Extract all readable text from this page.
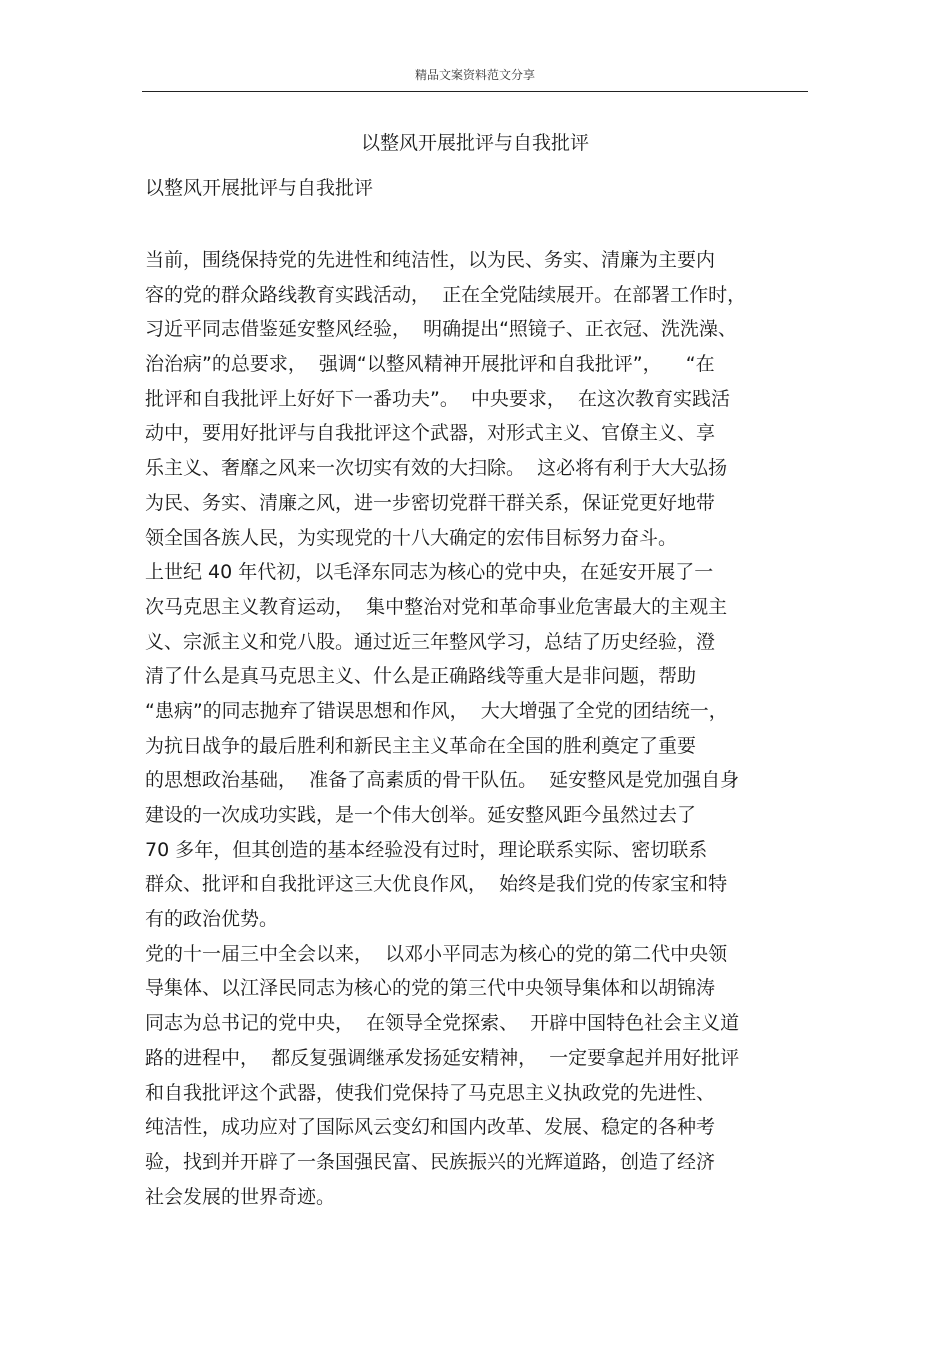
精品文案资料范文分享
以整风开展批评与自我批评
以整风开展批评与自我批评
当前，围绕保持党的先进性和纯洁性，以为民、务实、清廉为主要内
容的党的群众路线教育实践活动，  正在全党陆续展开。在部署工作时，
习近平同志借鉴延安整风经验，  明确提出“照镜子、正衣冠、洗洗澡、
治治病”的总要求，  强调“以整风精神开展批评和自我批评”，    “在
批评和自我批评上好好下一番功夫”。  中央要求，  在这次教育实践活
动中，要用好批评与自我批评这个武器，对形式主义、官僚主义、享
乐主义、奢靡之风来一次切实有效的大扫除。  这必将有利于大大弘扬
为民、务实、清廉之风，进一步密切党群干群关系，保证党更好地带
领全国各族人民，为实现党的十八大确定的宏伟目标努力奋斗。
上世纪 40 年代初，以毛泽东同志为核心的党中央，在延安开展了一
次马克思主义教育运动，  集中整治对党和革命事业危害最大的主观主
义、宗派主义和党八股。通过近三年整风学习，总结了历史经验，澄
清了什么是真马克思主义、什么是正确路线等重大是非问题，帮助
“患病”的同志抛弃了错误思想和作风，  大大增强了全党的团结统一，
为抗日战争的最后胜利和新民主主义革命在全国的胜利奠定了重要
的思想政治基础，  准备了高素质的骨干队伍。  延安整风是党加强自身
建设的一次成功实践，是一个伟大创举。延安整风距今虽然过去了
70 多年，但其创造的基本经验没有过时，理论联系实际、密切联系
群众、批评和自我批评这三大优良作风，  始终是我们党的传家宝和特
有的政治优势。
党的十一届三中全会以来，  以邓小平同志为核心的党的第二代中央领
导集体、以江泽民同志为核心的党的第三代中央领导集体和以胡锦涛
同志为总书记的党中央，  在领导全党探索、  开辟中国特色社会主义道
路的进程中，  都反复强调继承发扬延安精神，  一定要拿起并用好批评
和自我批评这个武器，使我们党保持了马克思主义执政党的先进性、
纯洁性，成功应对了国际风云变幻和国内改革、发展、稳定的各种考
验，找到并开辟了一条国强民富、民族振兴的光辉道路，创造了经济
社会发展的世界奇迹。
